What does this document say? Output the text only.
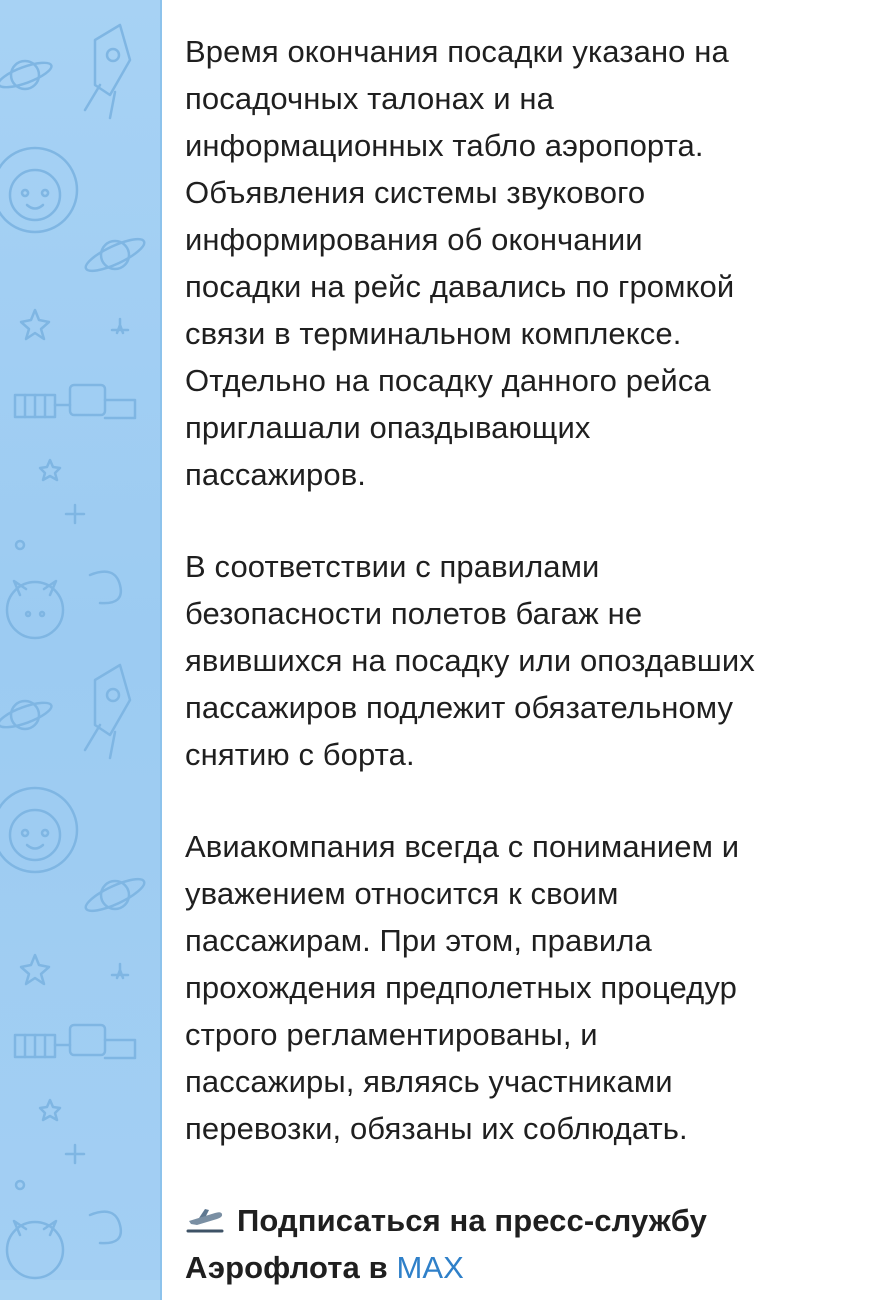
Время окончания посадки указано на
посадочных талонах и на
информационных табло аэропорта.
Объявления системы звукового
информирования об окончании
посадки на рейс давались по громкой
связи в терминальном комплексе.
Отдельно на посадку данного рейса
приглашали опаздывающих
пассажиров.

В соответствии с правилами
безопасности полетов багаж не
явившихся на посадку или опоздавших
пассажиров подлежит обязательному
снятию с борта.

Авиакомпания всегда с пониманием и
уважением относится к своим
пассажирам. При этом, правила
прохождения предполетных процедур
строго регламентированы, и
пассажиры, являясь участниками
перевозки, обязаны их соблюдать.

Подписаться на пресс-службу
Аэрофлота в MAX
